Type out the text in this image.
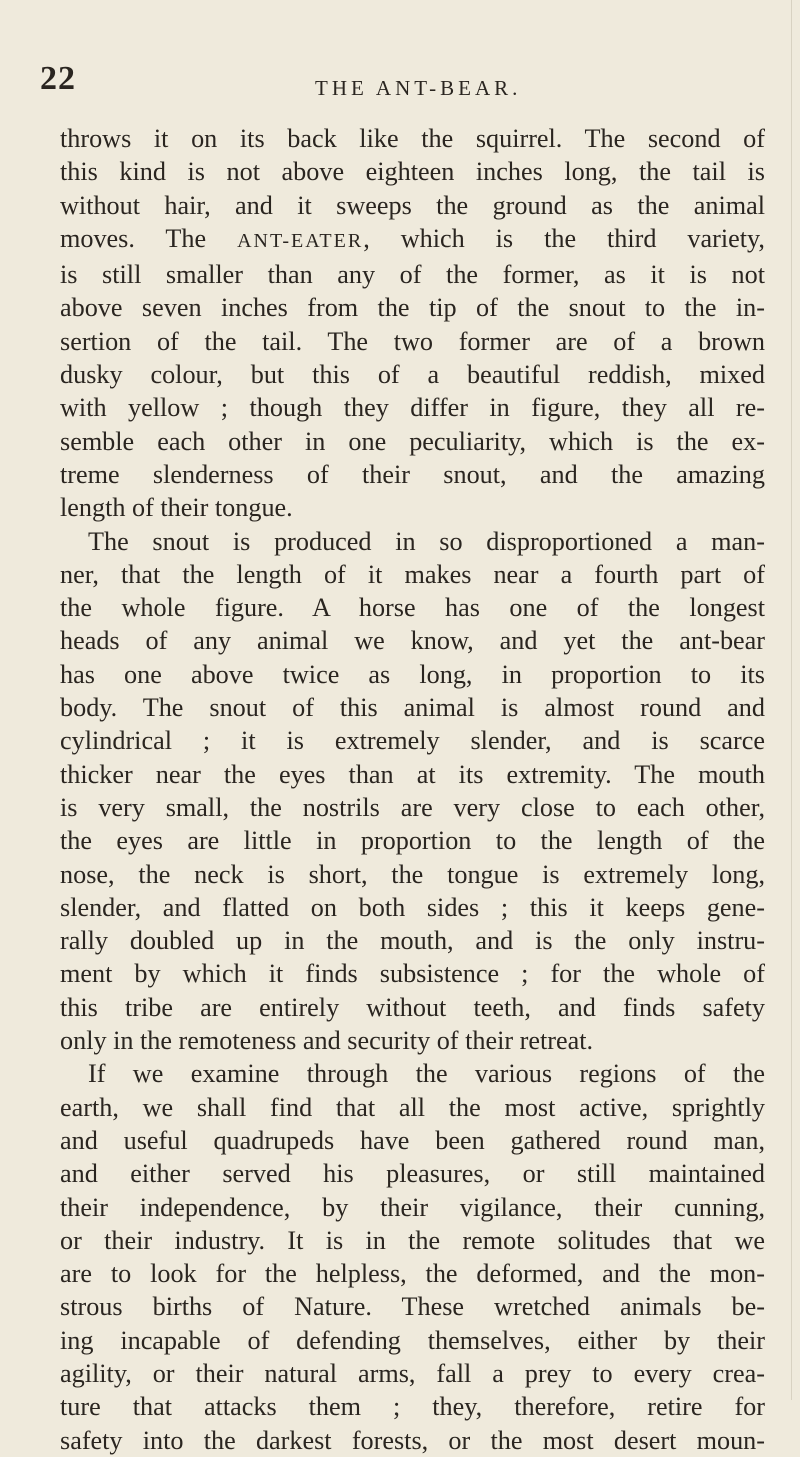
22	THE ANT-BEAR.
throws it on its back like the squirrel. The second of
this kind is not above eighteen inches long, the tail is
without hair, and it sweeps the ground as the animal
moves. The ANT-EATER, which is the third variety,
is still smaller than any of the former, as it is not
above seven inches from the tip of the snout to the in-
sertion of the tail. The two former are of a brown
dusky colour, but this of a beautiful reddish, mixed
with yellow ; though they differ in figure, they all re-
semble each other in one peculiarity, which is the ex-
treme slenderness of their snout, and the amazing
length of their tongue.
The snout is produced in so disproportioned a man-
ner, that the length of it makes near a fourth part of
the whole figure. A horse has one of the longest
heads of any animal we know, and yet the ant-bear
has one above twice as long, in proportion to its
body. The snout of this animal is almost round and
cylindrical ; it is extremely slender, and is scarce
thicker near the eyes than at its extremity. The mouth
is very small, the nostrils are very close to each other,
the eyes are little in proportion to the length of the
nose, the neck is short, the tongue is extremely long,
slender, and flatted on both sides ; this it keeps gene-
rally doubled up in the mouth, and is the only instru-
ment by which it finds subsistence ; for the whole of
this tribe are entirely without teeth, and finds safety
only in the remoteness and security of their retreat.
If we examine through the various regions of the
earth, we shall find that all the most active, sprightly
and useful quadrupeds have been gathered round man,
and either served his pleasures, or still maintained
their independence, by their vigilance, their cunning,
or their industry. It is in the remote solitudes that we
are to look for the helpless, the deformed, and the mon-
strous births of Nature. These wretched animals be-
ing incapable of defending themselves, either by their
agility, or their natural arms, fall a prey to every crea-
ture that attacks them ; they, therefore, retire for
safety into the darkest forests, or the most desert moun-
